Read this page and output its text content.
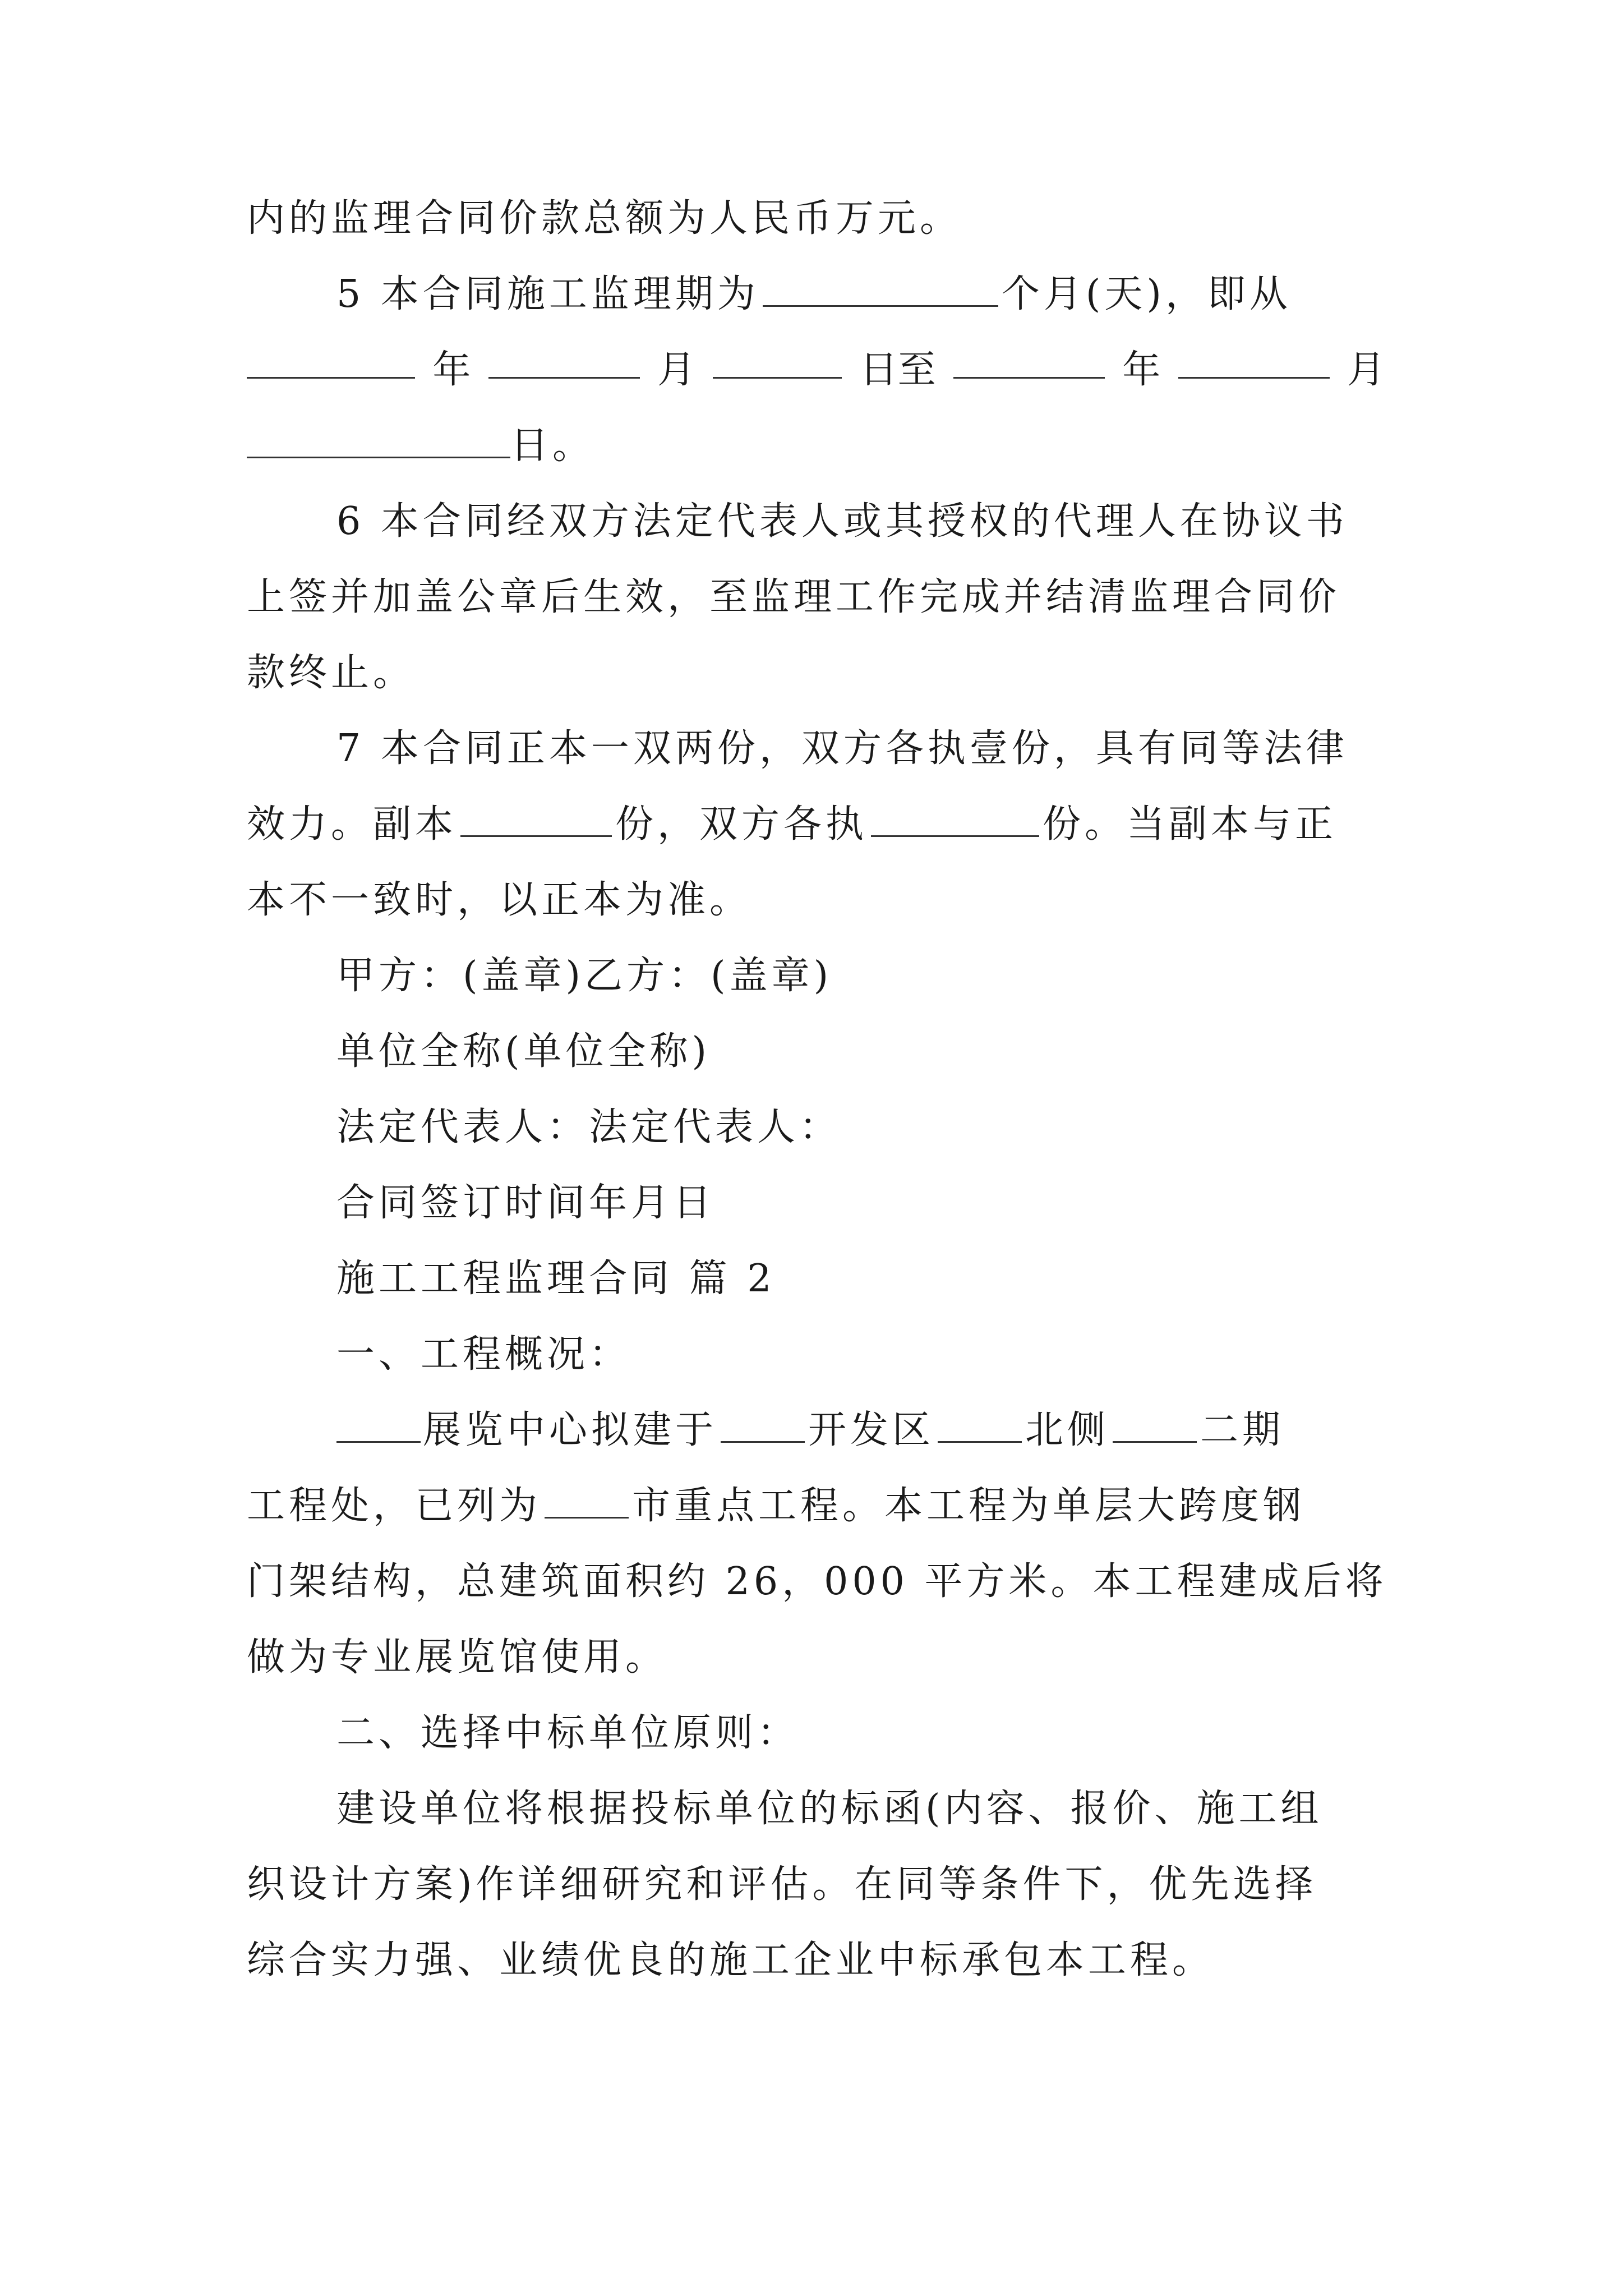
内的监理合同价款总额为人民币万元。
5 本合同施工监理期为	个月(天)，即从
年	月	日至	年	月
日。
6 本合同经双方法定代表人或其授权的代理人在协议书
上签并加盖公章后生效，至监理工作完成并结清监理合同价
款终止。
7 本合同正本一双两份，双方各执壹份，具有同等法律
效力。副本	份，双方各执	份。当副本与正
本不一致时，以正本为准。
甲方：(盖章)乙方：(盖章)
单位全称(单位全称)
法定代表人：法定代表人：
合同签订时间年月日
施工工程监理合同 篇 2
一、工程概况：
展览中心拟建于 开发区 北侧 二期
工程处，已列为 市重点工程。本工程为单层大跨度钢
门架结构，总建筑面积约 26，000 平方米。本工程建成后将
做为专业展览馆使用。
二、选择中标单位原则：
建设单位将根据投标单位的标函(内容、报价、施工组
织设计方案)作详细研究和评估。在同等条件下，优先选择
综合实力强、业绩优良的施工企业中标承包本工程。
